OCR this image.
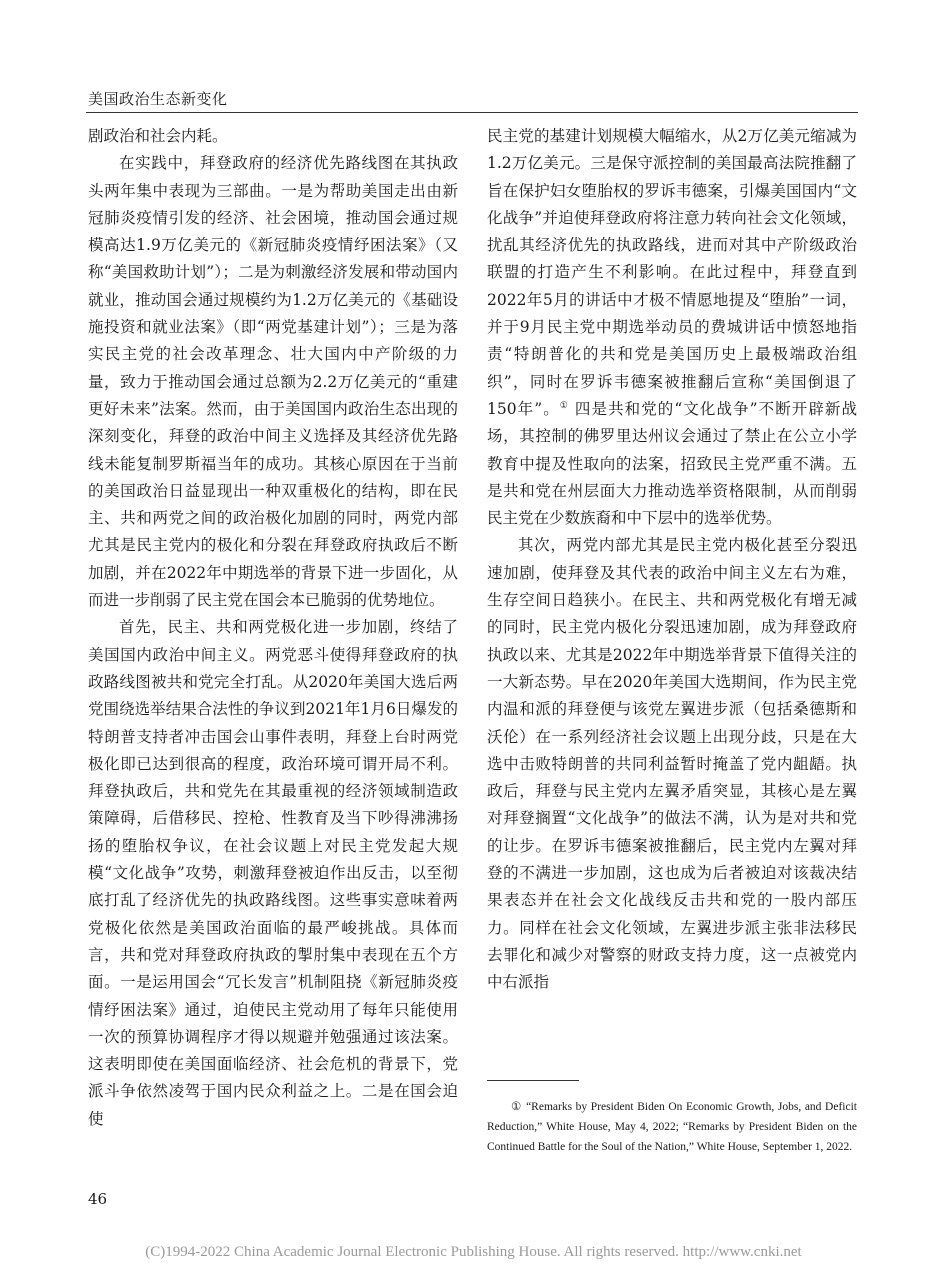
美国政治生态新变化

剧政治和社会内耗。

在实践中，拜登政府的经济优先路线图在其执政头两年集中表现为三部曲。一是为帮助美国走出由新冠肺炎疫情引发的经济、社会困境，推动国会通过规模高达1.9万亿美元的《新冠肺炎疫情纾困法案》（又称“美国救助计划”）；二是为刺激经济发展和带动国内就业，推动国会通过规模约为1.2万亿美元的《基础设施投资和就业法案》（即“两党基建计划”）；三是为落实民主党的社会改革理念、壮大国内中产阶级的力量，致力于推动国会通过总额为2.2万亿美元的“重建更好未来”法案。然而，由于美国国内政治生态出现的深刻变化，拜登的政治中间主义选择及其经济优先路线未能复制罗斯福当年的成功。其核心原因在于当前的美国政治日益显现出一种双重极化的结构，即在民主、共和两党之间的政治极化加剧的同时，两党内部尤其是民主党内的极化和分裂在拜登政府执政后不断加剧，并在2022年中期选举的背景下进一步固化，从而进一步削弱了民主党在国会本已脆弱的优势地位。

首先，民主、共和两党极化进一步加剧，终结了美国国内政治中间主义。两党恶斗使得拜登政府的执政路线图被共和党完全打乱。从2020年美国大选后两党围绕选举结果合法性的争议到2021年1月6日爆发的特朗普支持者冲击国会山事件表明，拜登上台时两党极化即已达到很高的程度，政治环境可谓开局不利。拜登执政后，共和党先在其最重视的经济领域制造政策障碍，后借移民、控枪、性教育及当下吵得沸沸扬扬的堕胎权争议，在社会议题上对民主党发起大规模“文化战争”攻势，刺激拜登被迫作出反击，以至彻底打乱了经济优先的执政路线图。这些事实意味着两党极化依然是美国政治面临的最严峻挑战。具体而言，共和党对拜登政府执政的掣肘集中表现在五个方面。一是运用国会“冗长发言”机制阻挠《新冠肺炎疫情纾困法案》通过，迫使民主党动用了每年只能使用一次的预算协调程序才得以规避并勉强通过该法案。这表明即使在美国面临经济、社会危机的背景下，党派斗争依然凌驾于国内民众利益之上。二是在国会迫使

民主党的基建计划规模大幅缩水，从2万亿美元缩减为1.2万亿美元。三是保守派控制的美国最高法院推翻了旨在保护妇女堕胎权的罗诉韦德案，引爆美国国内“文化战争”并迫使拜登政府将注意力转向社会文化领域，扰乱其经济优先的执政路线，进而对其中产阶级政治联盟的打造产生不利影响。在此过程中，拜登直到2022年5月的讲话中才极不情愿地提及“堕胎”一词，并于9月民主党中期选举动员的费城讲话中愤怒地指责“特朗普化的共和党是美国历史上最极端政治组织”，同时在罗诉韦德案被推翻后宣称“美国倒退了150年”。① 四是共和党的“文化战争”不断开辟新战场，其控制的佛罗里达州议会通过了禁止在公立小学教育中提及性取向的法案，招致民主党严重不满。五是共和党在州层面大力推动选举资格限制，从而削弱民主党在少数族裔和中下层中的选举优势。

其次，两党内部尤其是民主党内极化甚至分裂迅速加剧，使拜登及其代表的政治中间主义左右为难，生存空间日趋狭小。在民主、共和两党极化有增无减的同时，民主党内极化分裂迅速加剧，成为拜登政府执政以来、尤其是2022年中期选举背景下值得关注的一大新态势。早在2020年美国大选期间，作为民主党内温和派的拜登便与该党左翼进步派（包括桑德斯和沃伦）在一系列经济社会议题上出现分歧，只是在大选中击败特朗普的共同利益暂时掩盖了党内龃龉。执政后，拜登与民主党内左翼矛盾突显，其核心是左翼对拜登搁置“文化战争”的做法不满，认为是对共和党的让步。在罗诉韦德案被推翻后，民主党内左翼对拜登的不满进一步加剧，这也成为后者被迫对该裁决结果表态并在社会文化战线反击共和党的一股内部压力。同样在社会文化领域，左翼进步派主张非法移民去罪化和减少对警察的财政支持力度，这一点被党内中右派指

① “Remarks by President Biden On Economic Growth, Jobs, and Deficit Reduction,” White House, May 4, 2022; “Remarks by President Biden on the Continued Battle for the Soul of the Nation,” White House, September 1, 2022.
46
(C)1994-2022 China Academic Journal Electronic Publishing House. All rights reserved. http://www.cnki.net
